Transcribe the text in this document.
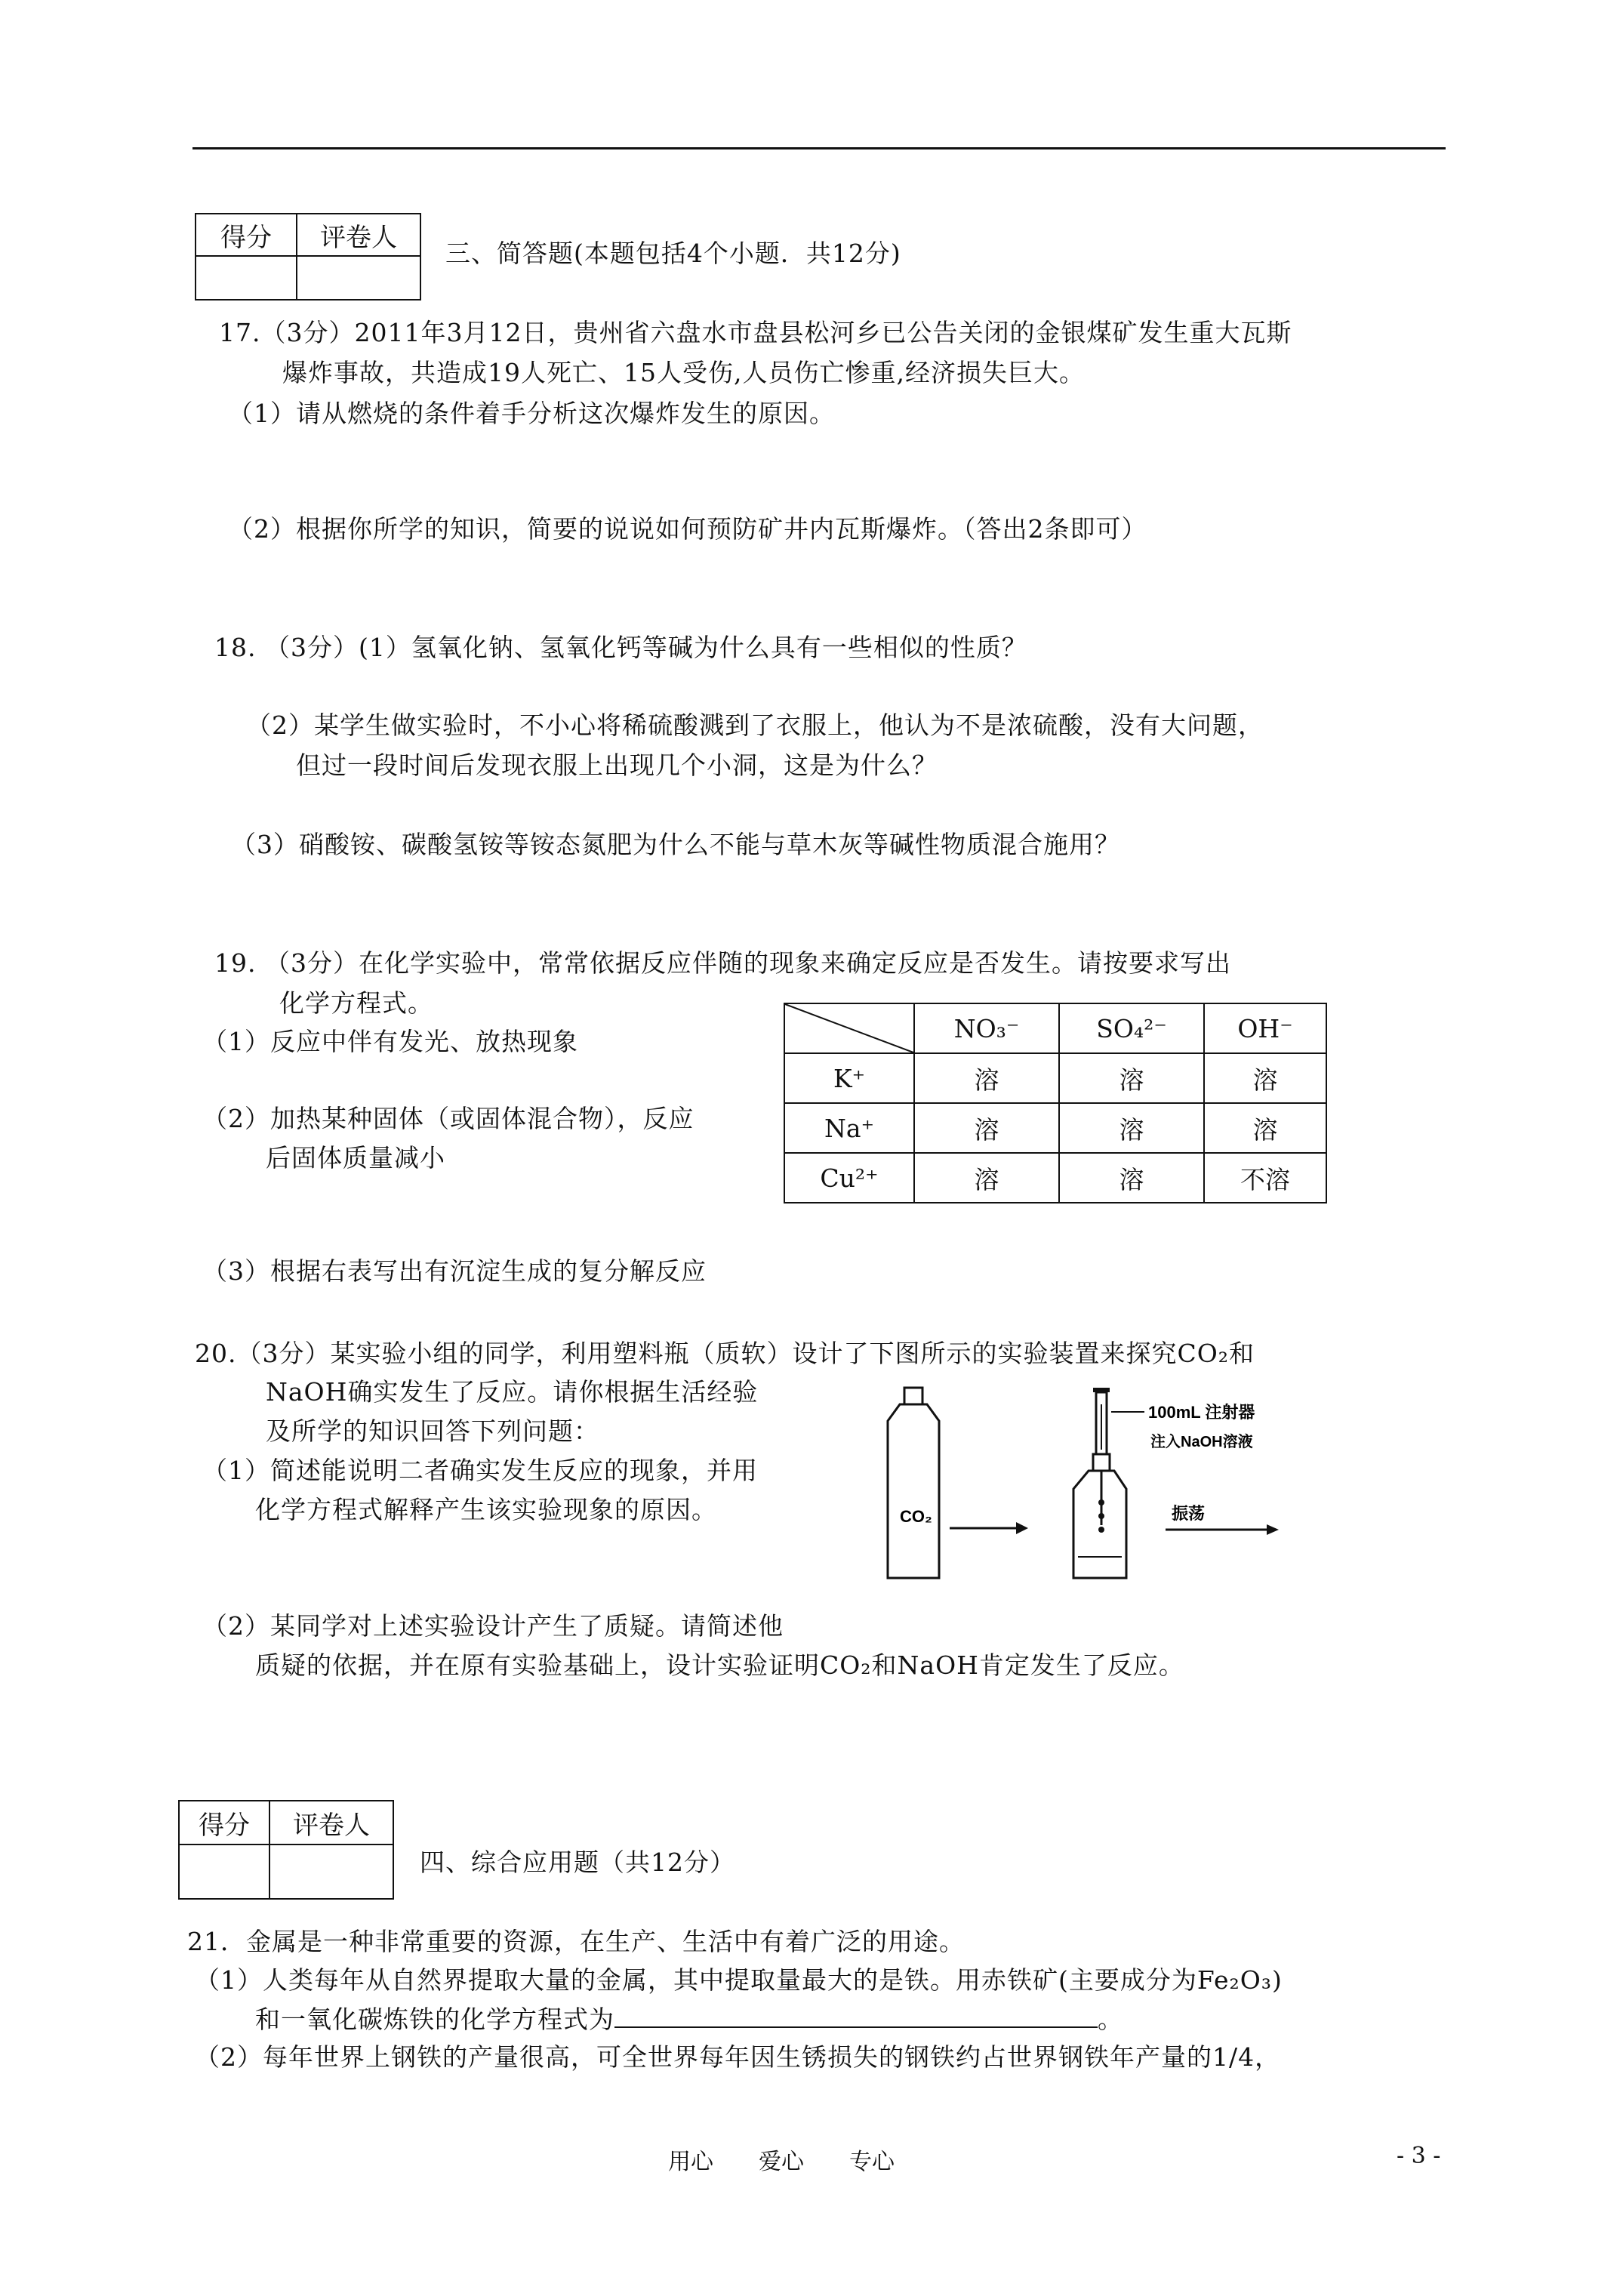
得分	评卷人

三、简答题(本题包括4个小题．共12分)
17.（3分）2011年3月12日，贵州省六盘水市盘县松河乡已公告关闭的金银煤矿发生重大瓦斯
爆炸事故，共造成19人死亡、15人受伤,人员伤亡惨重,经济损失巨大。
（1）请从燃烧的条件着手分析这次爆炸发生的原因。
（2）根据你所学的知识，简要的说说如何预防矿井内瓦斯爆炸。（答出2条即可）
18. （3分）(1）氢氧化钠、氢氧化钙等碱为什么具有一些相似的性质？
（2）某学生做实验时，不小心将稀硫酸溅到了衣服上，他认为不是浓硫酸，没有大问题，
但过一段时间后发现衣服上出现几个小洞，这是为什么？
（3）硝酸铵、碳酸氢铵等铵态氮肥为什么不能与草木灰等碱性物质混合施用？
19. （3分）在化学实验中，常常依据反应伴随的现象来确定反应是否发生。请按要求写出
化学方程式。
（1）反应中伴有发光、放热现象
（2）加热某种固体（或固体混合物），反应
后固体质量减小
	NO₃⁻	SO₄²⁻	OH⁻
K⁺	溶	溶	溶
Na⁺	溶	溶	溶
Cu²⁺	溶	溶	不溶
（3）根据右表写出有沉淀生成的复分解反应
20.（3分）某实验小组的同学，利用塑料瓶（质软）设计了下图所示的实验装置来探究CO₂和
NaOH确实发生了反应。请你根据生活经验
及所学的知识回答下列问题：
（1）简述能说明二者确实发生反应的现象，并用
化学方程式解释产生该实验现象的原因。	CO₂
100mL 注射器
注入NaOH溶液
振荡
（2）某同学对上述实验设计产生了质疑。请简述他
质疑的依据，并在原有实验基础上，设计实验证明CO₂和NaOH肯定发生了反应。
得分	评卷人

四、综合应用题（共12分）
21．金属是一种非常重要的资源，在生产、生活中有着广泛的用途。
（1）人类每年从自然界提取大量的金属，其中提取量最大的是铁。用赤铁矿(主要成分为Fe₂O₃)
和一氧化碳炼铁的化学方程式为	。
（2）每年世界上钢铁的产量很高，可全世界每年因生锈损失的钢铁约占世界钢铁年产量的1/4，
用心　　爱心　　专心	- 3 -
